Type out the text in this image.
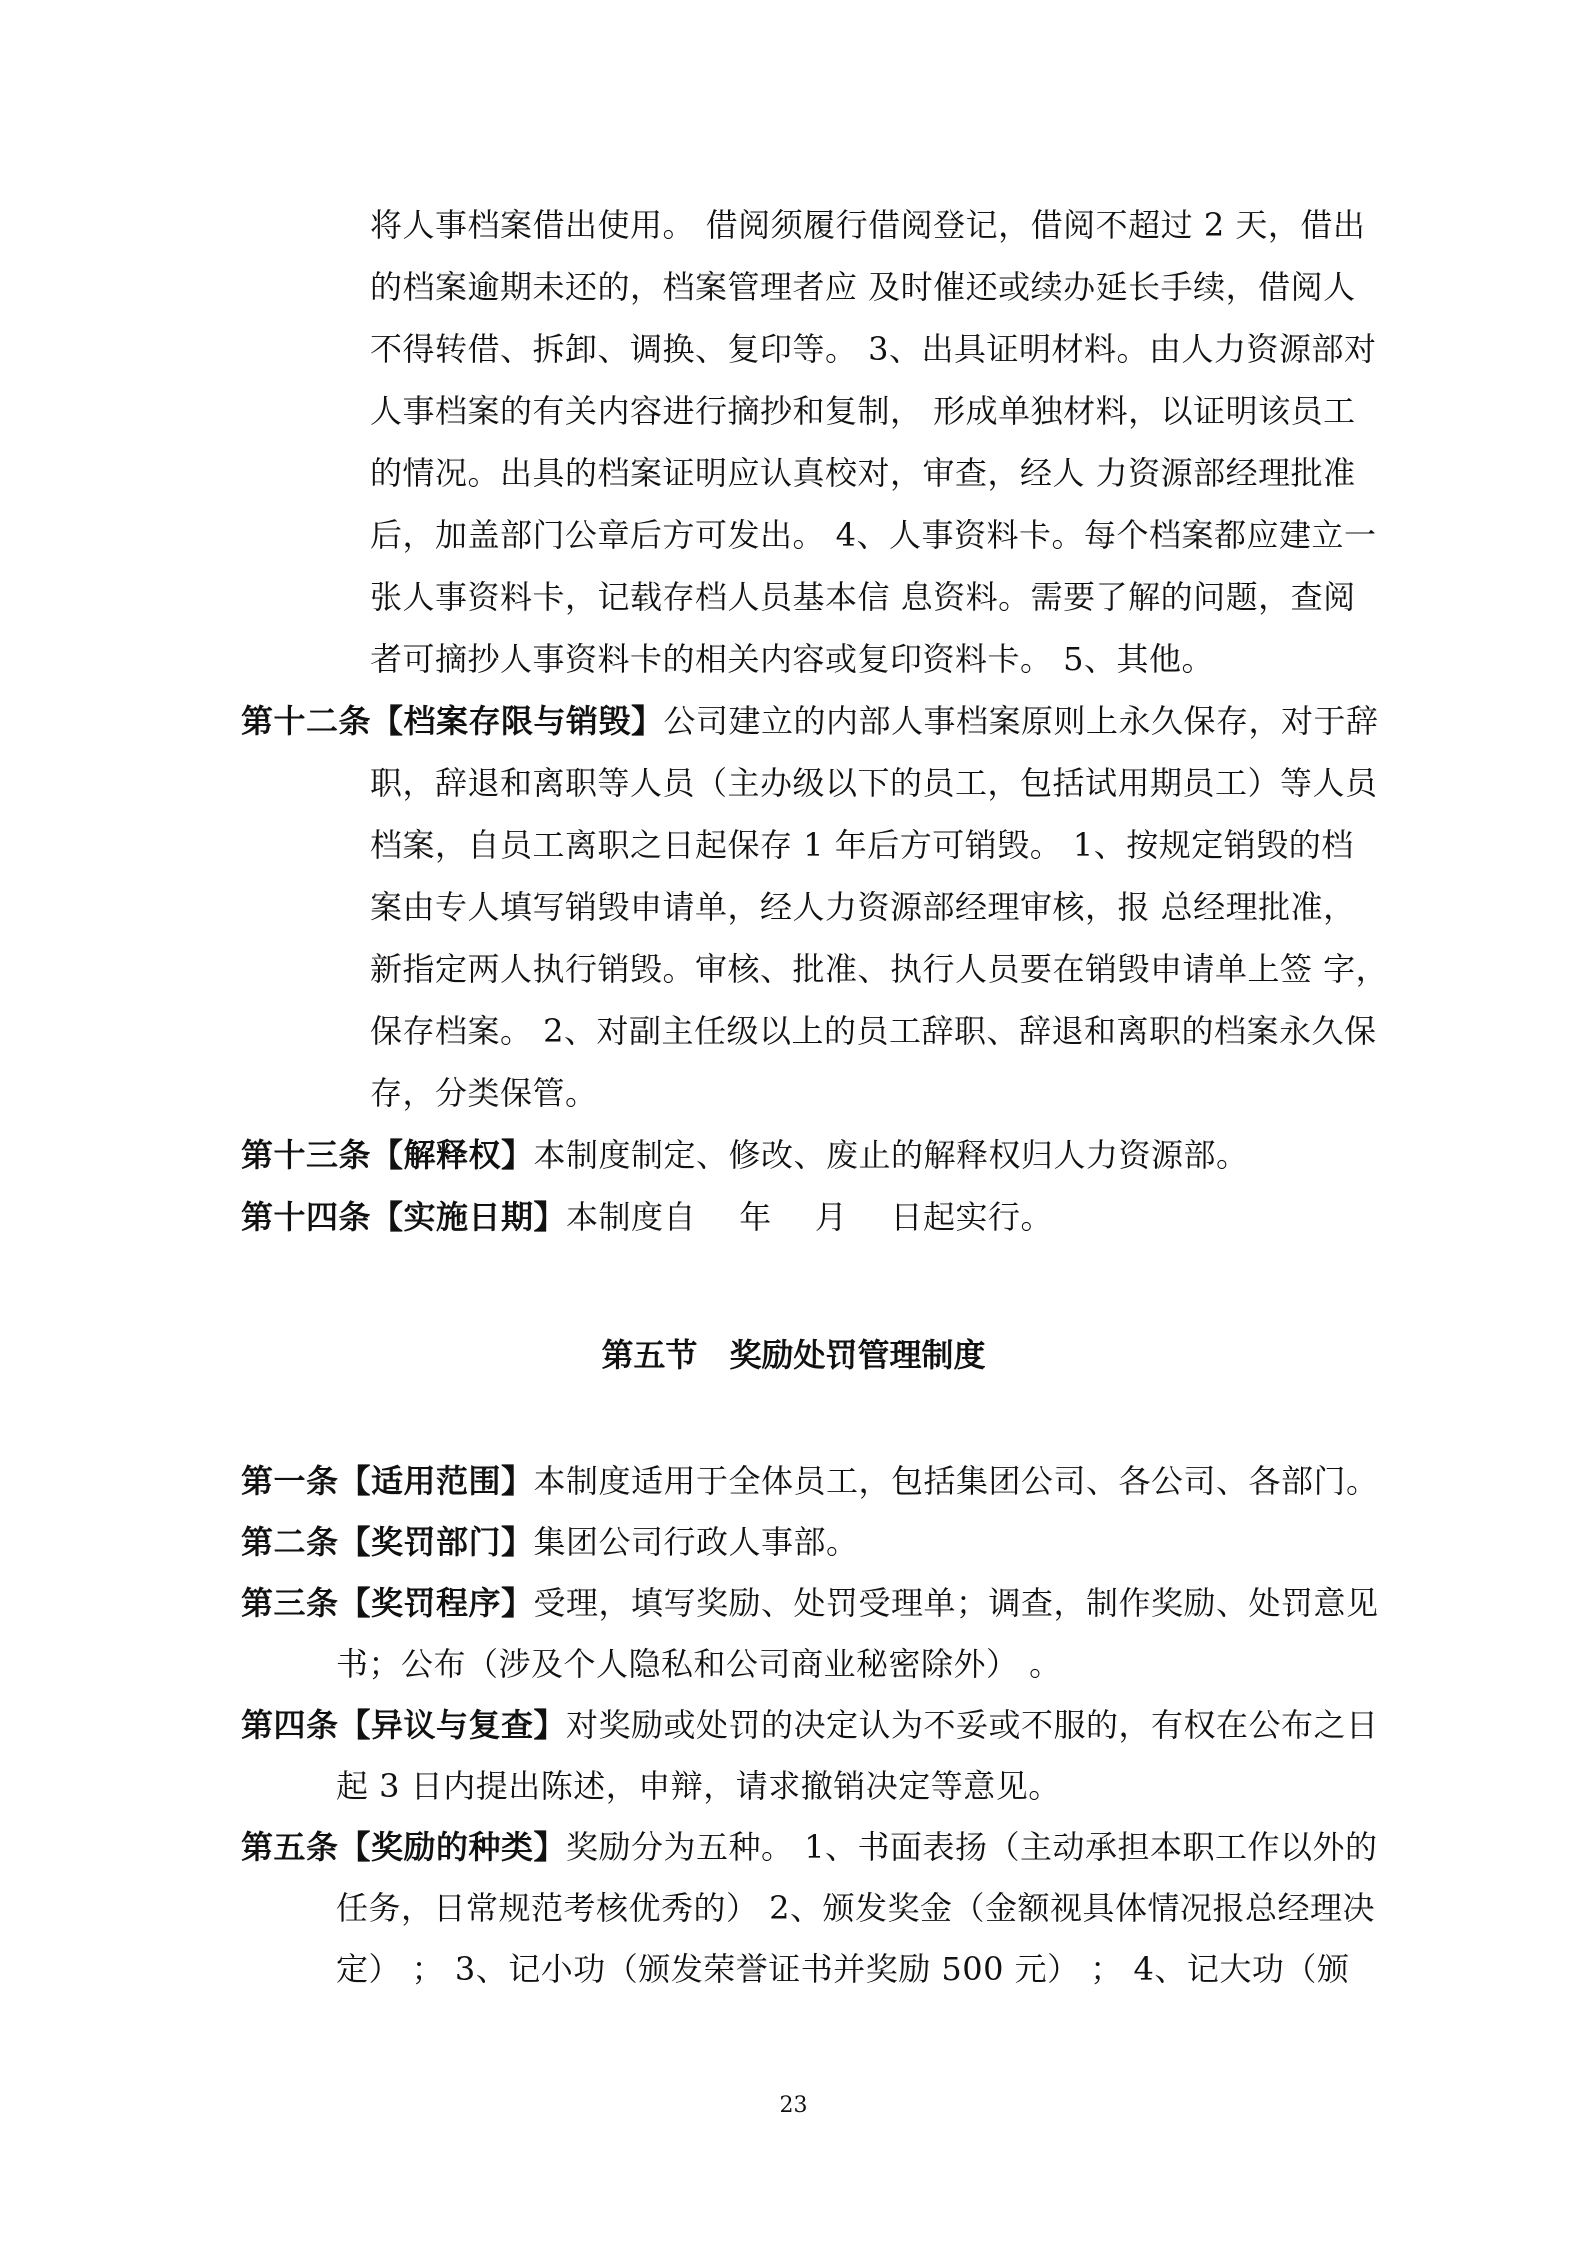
将人事档案借出使用。 借阅须履行借阅登记，借阅不超过 2 天，借出
的档案逾期未还的，档案管理者应 及时催还或续办延长手续，借阅人
不得转借、拆卸、调换、复印等。 3、出具证明材料。由人力资源部对
人事档案的有关内容进行摘抄和复制， 形成单独材料，以证明该员工
的情况。出具的档案证明应认真校对，审查，经人 力资源部经理批准
后，加盖部门公章后方可发出。 4、人事资料卡。每个档案都应建立一
张人事资料卡，记载存档人员基本信 息资料。需要了解的问题，查阅
者可摘抄人事资料卡的相关内容或复印资料卡。 5、其他。
第十二条【档案存限与销毁】公司建立的内部人事档案原则上永久保存，对于辞
职，辞退和离职等人员（主办级以下的员工，包括试用期员工）等人员
档案，自员工离职之日起保存 1 年后方可销毁。 1、按规定销毁的档
案由专人填写销毁申请单，经人力资源部经理审核，报 总经理批准，
新指定两人执行销毁。审核、批准、执行人员要在销毁申请单上签 字，
保存档案。 2、对副主任级以上的员工辞职、辞退和离职的档案永久保
存，分类保管。
第十三条【解释权】本制度制定、修改、废止的解释权归人力资源部。
第十四条【实施日期】本制度自　 年　 月　 日起实行。
第五节　奖励处罚管理制度
第一条【适用范围】本制度适用于全体员工，包括集团公司、各公司、各部门。
第二条【奖罚部门】集团公司行政人事部。
第三条【奖罚程序】受理，填写奖励、处罚受理单；调查，制作奖励、处罚意见
书；公布（涉及个人隐私和公司商业秘密除外） 。
第四条【异议与复查】对奖励或处罚的决定认为不妥或不服的，有权在公布之日
起 3 日内提出陈述，申辩，请求撤销决定等意见。
第五条【奖励的种类】奖励分为五种。 1、书面表扬（主动承担本职工作以外的
任务，日常规范考核优秀的） 2、颁发奖金（金额视具体情况报总经理决
定） ； 3、记小功（颁发荣誉证书并奖励 500 元） ； 4、记大功（颁
23
